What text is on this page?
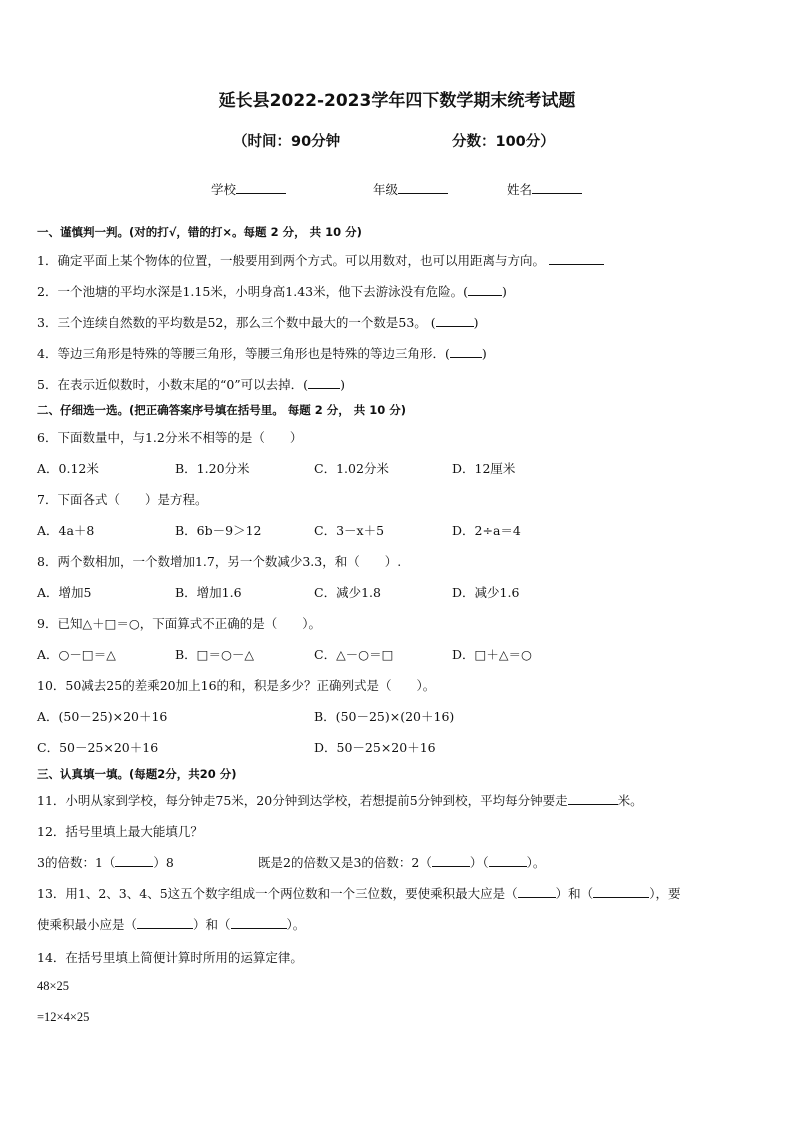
延长县2022-2023学年四下数学期末统考试题
（时间：90分钟	分数：100分）
学校	年级	姓名
一、谨慎判一判。(对的打√，错的打×。每题 2 分， 共 10 分)
1．确定平面上某个物体的位置，一般要用到两个方式。可以用数对，也可以用距离与方向。
2．一个池塘的平均水深是1.15米，小明身高1.43米，他下去游泳没有危险。(	)
3．三个连续自然数的平均数是52，那么三个数中最大的一个数是53。 (	)
4．等边三角形是特殊的等腰三角形，等腰三角形也是特殊的等边三角形．(	)
5．在表示近似数时，小数末尾的“0”可以去掉．(	)
二、仔细选一选。(把正确答案序号填在括号里。 每题 2 分， 共 10 分)
6．下面数量中，与1.2分米不相等的是（　　）
A．0.12米	B．1.20分米	C．1.02分米	D．12厘米
7．下面各式（　　）是方程。
A．4a＋8	B．6b－9＞12	C．3－x＋5	D．2÷a＝4
8．两个数相加，一个数增加1.7，另一个数减少3.3，和（　　）.
A．增加5	B．增加1.6	C．减少1.8	D．减少1.6
9．已知△＋□＝○，下面算式不正确的是（　　）。
A．○－□＝△	B．□＝○－△	C．△－○＝□	D．□＋△＝○
10．50减去25的差乘20加上16的和，积是多少？正确列式是（　　）。
A．(50－25)×20＋16	B．(50－25)×(20＋16)
C．50－25×20＋16	D．50－25×20＋16
三、认真填一填。(每题2分，共20 分)
11．小明从家到学校，每分钟走75米，20分钟到达学校，若想提前5分钟到校，平均每分钟要走	米。
12．括号里填上最大能填几？
3的倍数：1（	）8	既是2的倍数又是3的倍数：2（	）（	）。
13．用1、2、3、4、5这五个数字组成一个两位数和一个三位数，要使乘积最大应是（	）和（	），要
使乘积最小应是（	）和（	）。
14．在括号里填上简便计算时所用的运算定律。
48×25
=12×4×25
